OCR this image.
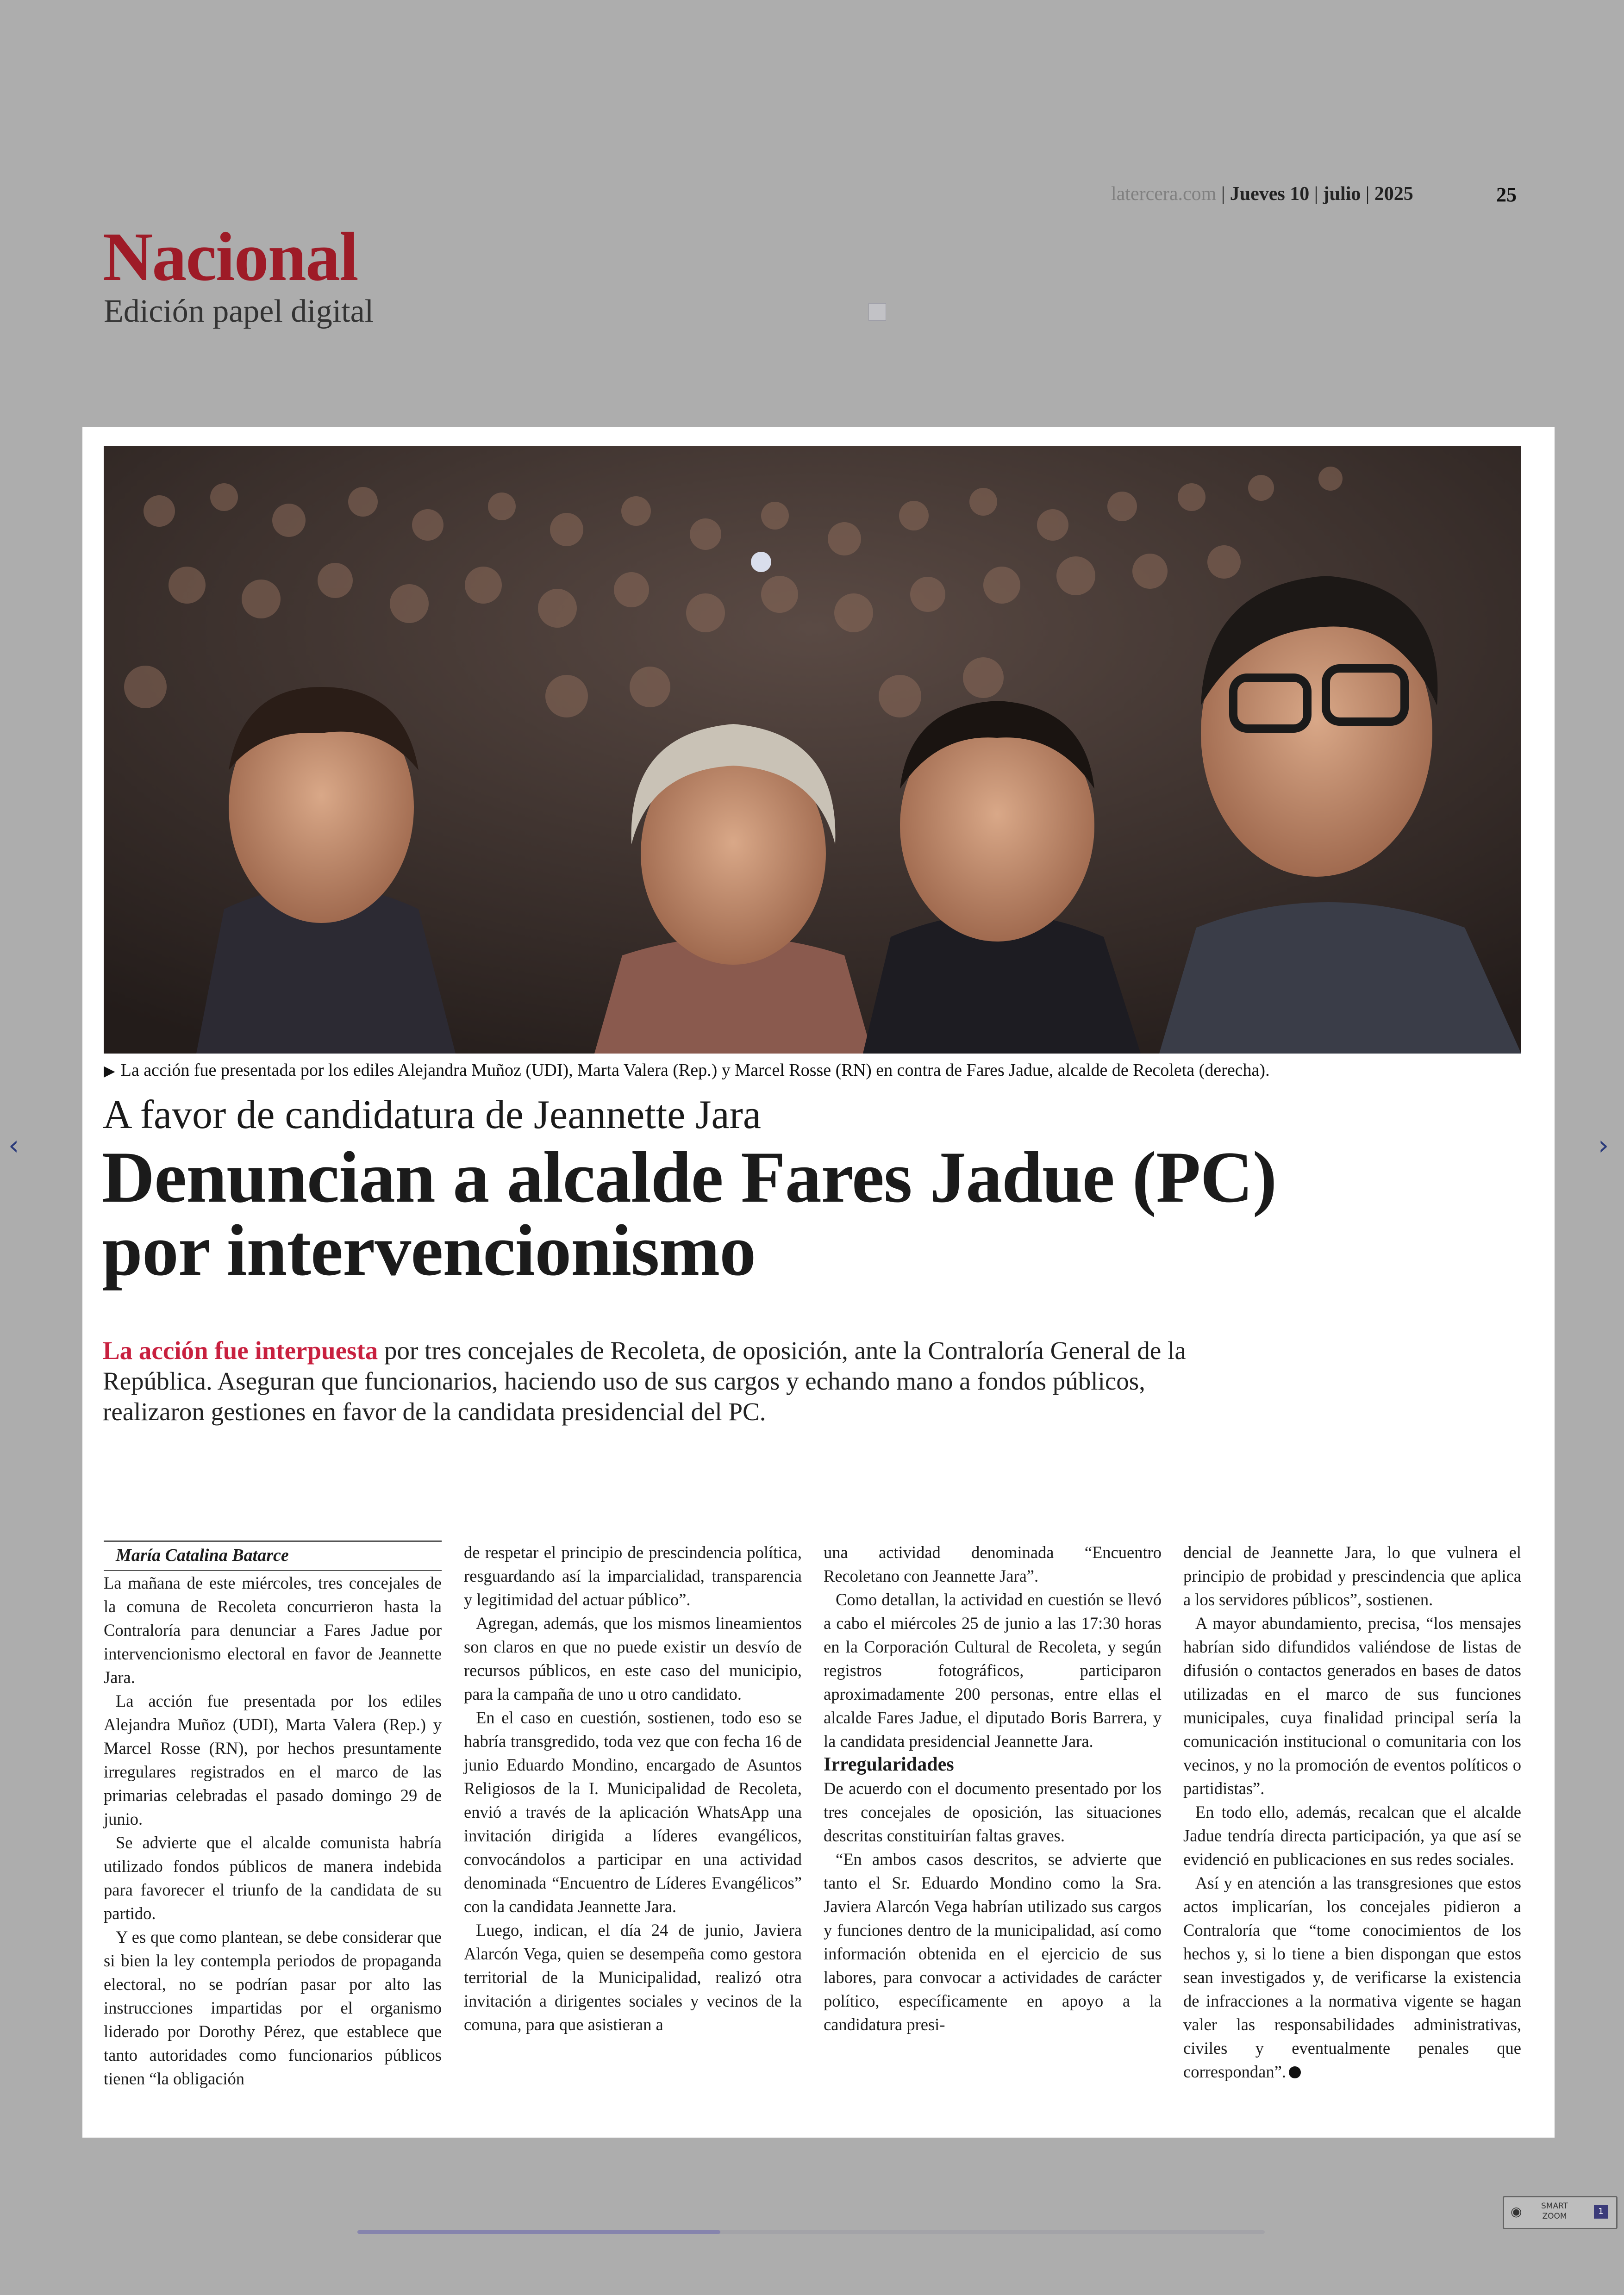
latercera.com | Jueves 10 | julio | 2025	25
Nacional
Edición papel digital
▶ La acción fue presentada por los ediles Alejandra Muñoz (UDI), Marta Valera (Rep.) y Marcel Rosse (RN) en contra de Fares Jadue, alcalde de Recoleta (derecha).
A favor de candidatura de Jeannette Jara
Denuncian a alcalde Fares Jadue (PC) por intervencionismo
La acción fue interpuesta por tres concejales de Recoleta, de oposición, ante la Contraloría General de la República. Aseguran que funcionarios, haciendo uso de sus cargos y echando mano a fondos públicos, realizaron gestiones en favor de la candidata presidencial del PC.

María Catalina Batarce

La mañana de este miércoles, tres concejales de la comuna de Recoleta concurrieron hasta la Contraloría para denunciar a Fares Jadue por intervencionismo electoral en favor de Jeannette Jara.

La acción fue presentada por los ediles Alejandra Muñoz (UDI), Marta Valera (Rep.) y Marcel Rosse (RN), por hechos presuntamente irregulares registrados en el marco de las primarias celebradas el pasado domingo 29 de junio.

Se advierte que el alcalde comunista habría utilizado fondos públicos de manera indebida para favorecer el triunfo de la candidata de su partido.

Y es que como plantean, se debe considerar que si bien la ley contempla periodos de propaganda electoral, no se podrían pasar por alto las instrucciones impartidas por el organismo liderado por Dorothy Pérez, que establece que tanto autoridades como funcionarios públicos tienen “la obligación

de respetar el principio de prescindencia política, resguardando así la imparcialidad, transparencia y legitimidad del actuar público”.

Agregan, además, que los mismos lineamientos son claros en que no puede existir un desvío de recursos públicos, en este caso del municipio, para la campaña de uno u otro candidato.

En el caso en cuestión, sostienen, todo eso se habría transgredido, toda vez que con fecha 16 de junio Eduardo Mondino, encargado de Asuntos Religiosos de la I. Municipalidad de Recoleta, envió a través de la aplicación WhatsApp una invitación dirigida a líderes evangélicos, convocándolos a participar en una actividad denominada “Encuentro de Líderes Evangélicos” con la candidata Jeannette Jara.

Luego, indican, el día 24 de junio, Javiera Alarcón Vega, quien se desempeña como gestora territorial de la Municipalidad, realizó otra invitación a dirigentes sociales y vecinos de la comuna, para que asistieran a

una actividad denominada “Encuentro Recoletano con Jeannette Jara”.

Como detallan, la actividad en cuestión se llevó a cabo el miércoles 25 de junio a las 17:30 horas en la Corporación Cultural de Recoleta, y según registros fotográficos, participaron aproximadamente 200 personas, entre ellas el alcalde Fares Jadue, el diputado Boris Barrera, y la candidata presidencial Jeannette Jara.

Irregularidades

De acuerdo con el documento presentado por los tres concejales de oposición, las situaciones descritas constituirían faltas graves.

“En ambos casos descritos, se advierte que tanto el Sr. Eduardo Mondino como la Sra. Javiera Alarcón Vega habrían utilizado sus cargos y funciones dentro de la municipalidad, así como información obtenida en el ejercicio de sus labores, para convocar a actividades de carácter político, específicamente en apoyo a la candidatura presi-

dencial de Jeannette Jara, lo que vulnera el principio de probidad y prescindencia que aplica a los servidores públicos”, sostienen.

A mayor abundamiento, precisa, “los mensajes habrían sido difundidos valiéndose de listas de difusión o contactos generados en bases de datos utilizadas en el marco de sus funciones municipales, cuya finalidad principal sería la comunicación institucional o comunitaria con los vecinos, y no la promoción de eventos políticos o partidistas”.

En todo ello, además, recalcan que el alcalde Jadue tendría directa participación, ya que así se evidenció en publicaciones en sus redes sociales.

Así y en atención a las transgresiones que estos actos implicarían, los concejales pidieron a Contraloría que “tome conocimientos de los hechos y, si lo tiene a bien dispongan que estos sean investigados y, de verificarse la existencia de infracciones a la normativa vigente se hagan valer las responsabilidades administrativas, civiles y eventualmente penales que correspondan”.

‹	›
◉ SMART
ZOOM	1
